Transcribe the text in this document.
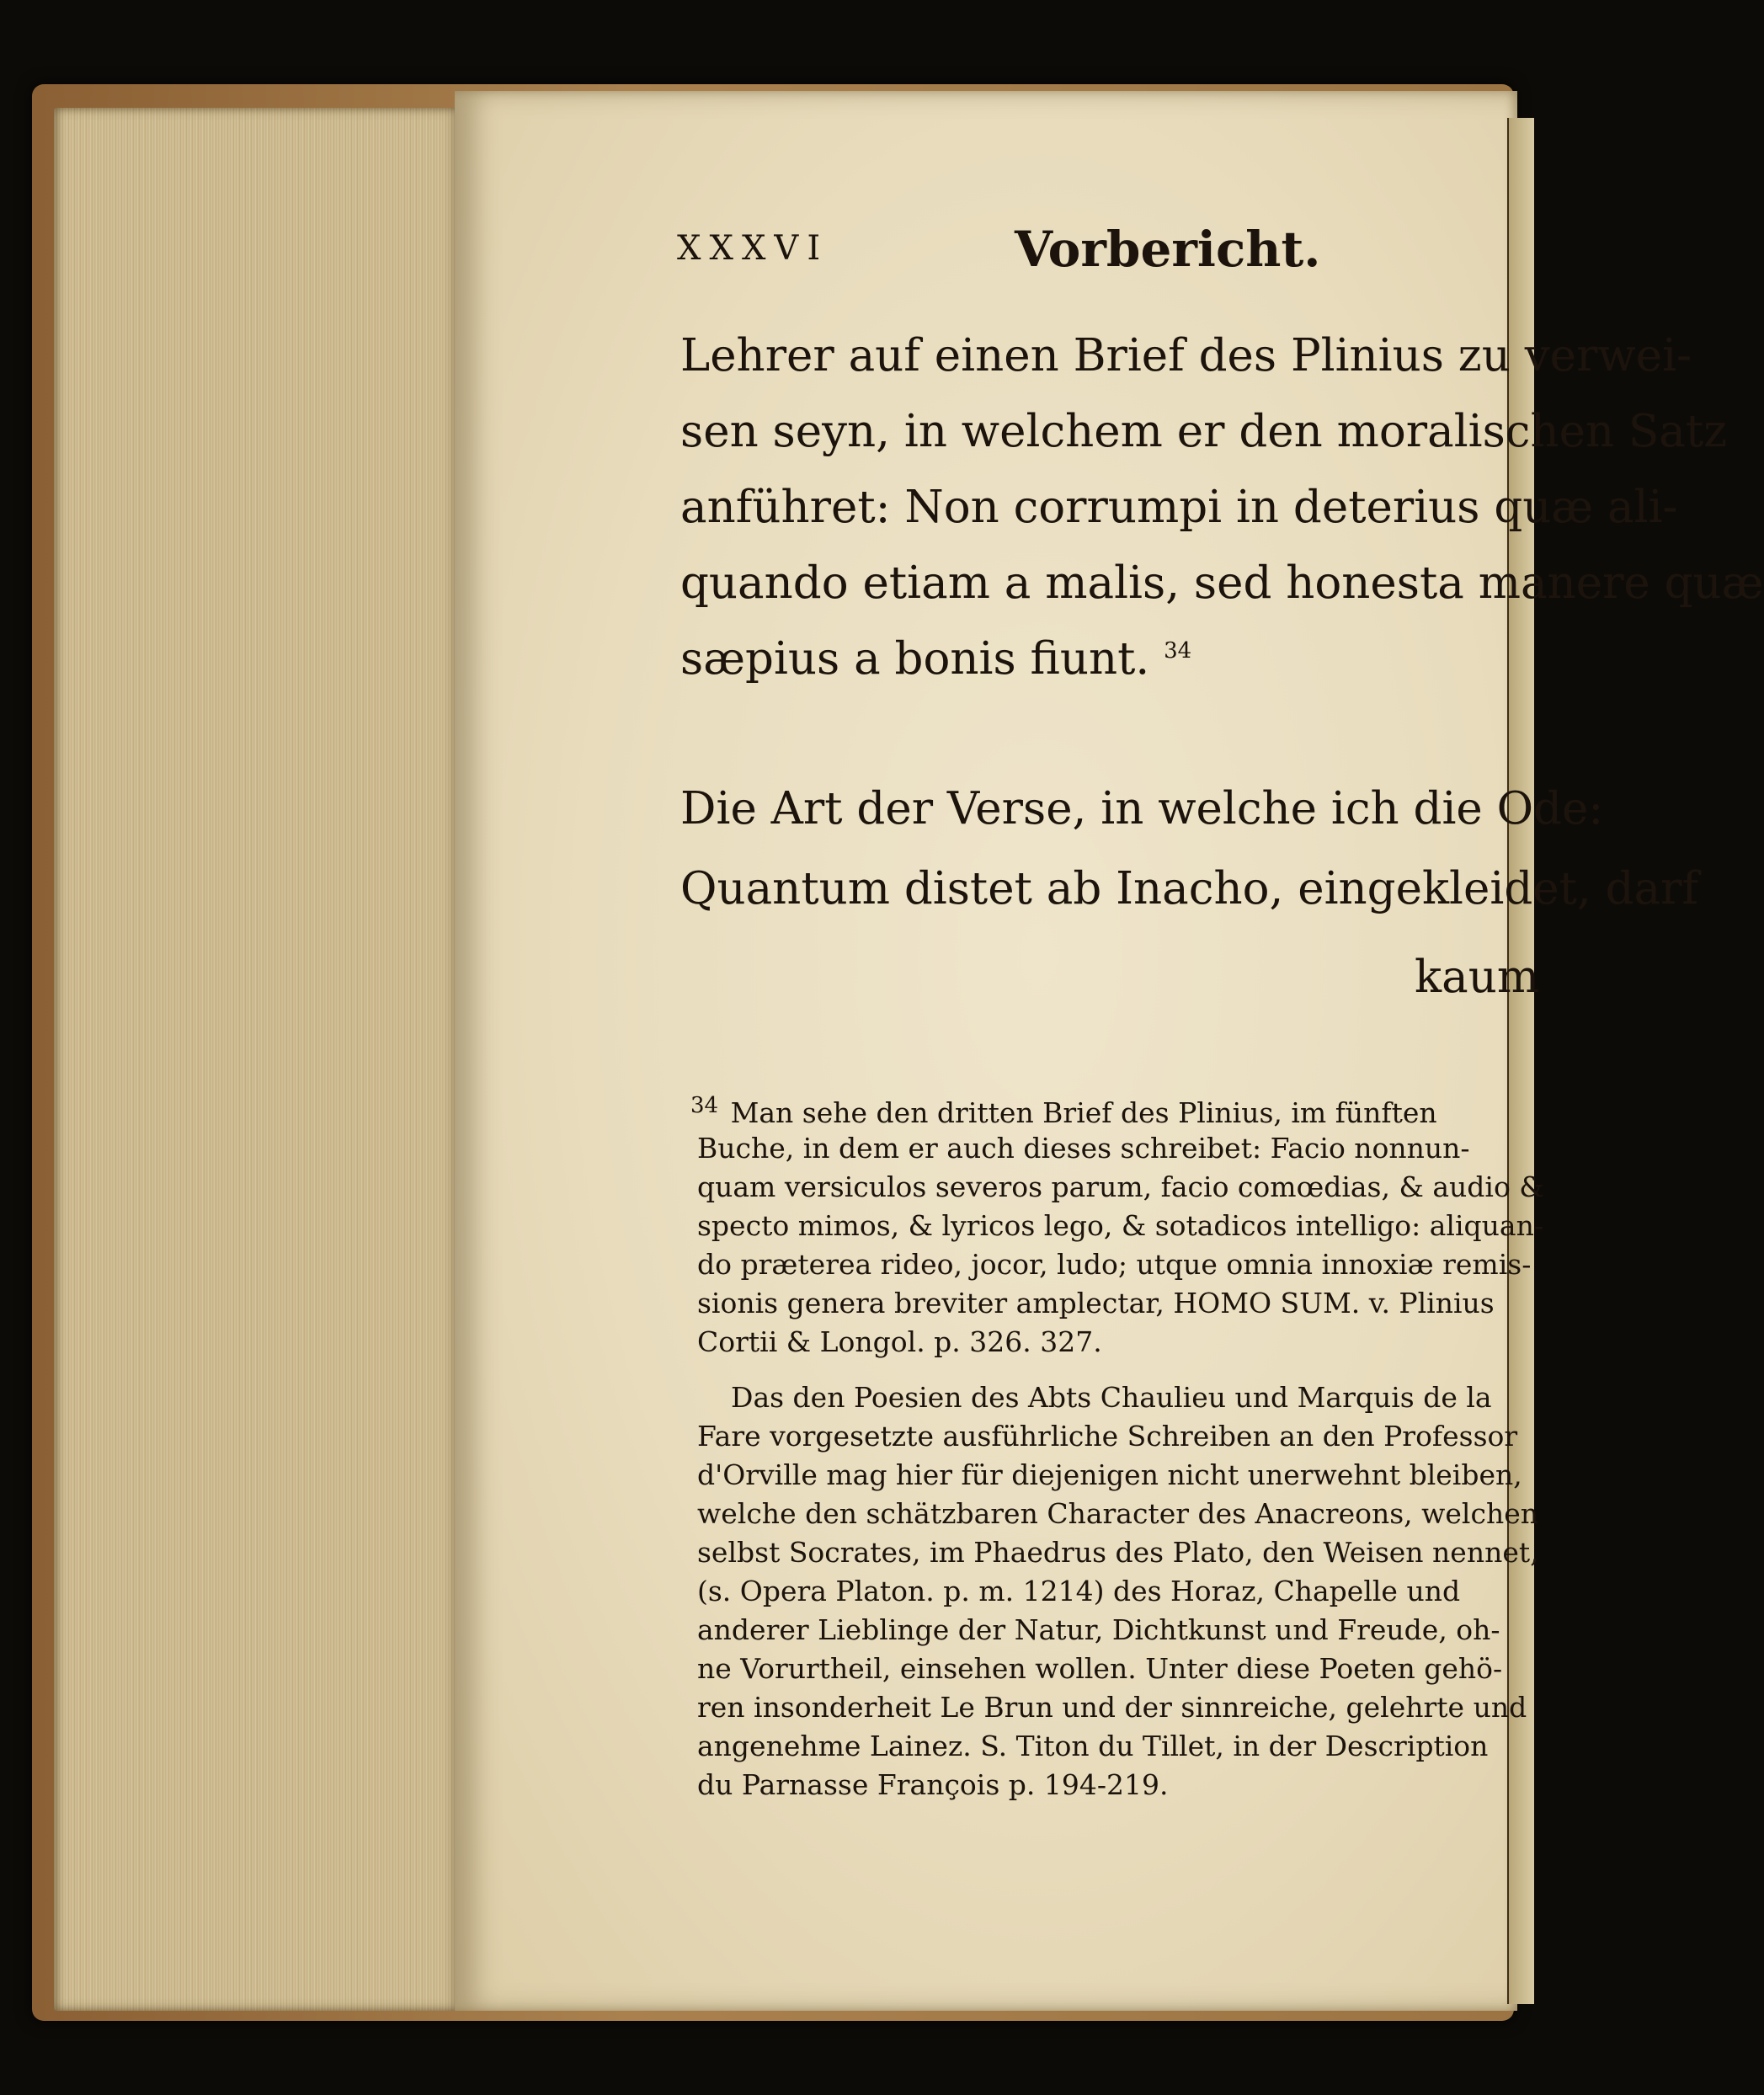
XXXVI	Vorbericht.
Lehrer auf einen Brief des Plinius zu verwei-
sen seyn, in welchem er den moralischen Satz
anführet: Non corrumpi in deterius quæ ali-
quando etiam a malis, sed honesta manere quæ
sæpius a bonis fiunt. $^{34}$
Die Art der Verse, in welche ich die Ode:
Quantum distet ab Inacho, eingekleidet, darf
kaum
$^{34}$ Man sehe den dritten Brief des Plinius, im fünften
Buche, in dem er auch dieses schreibet: Facio nonnun-
quam versiculos severos parum, facio comœdias, & audio &
specto mimos, & lyricos lego, & sotadicos intelligo: aliquan-
do præterea rideo, jocor, ludo; utque omnia innoxiæ remis-
sionis genera breviter amplectar, HOMO SUM. v. Plinius
Cortii & Longol. p. 326. 327.
Das den Poesien des Abts Chaulieu und Marquis de la
Fare vorgesetzte ausführliche Schreiben an den Professor
d'Orville mag hier für diejenigen nicht unerwehnt bleiben,
welche den schätzbaren Character des Anacreons, welchen
selbst Socrates, im Phaedrus des Plato, den Weisen nennet,
(s. Opera Platon. p. m. 1214) des Horaz, Chapelle und
anderer Lieblinge der Natur, Dichtkunst und Freude, oh-
ne Vorurtheil, einsehen wollen. Unter diese Poeten gehö-
ren insonderheit Le Brun und der sinnreiche, gelehrte und
angenehme Lainez. S. Titon du Tillet, in der Description
du Parnasse François p. 194-219.
